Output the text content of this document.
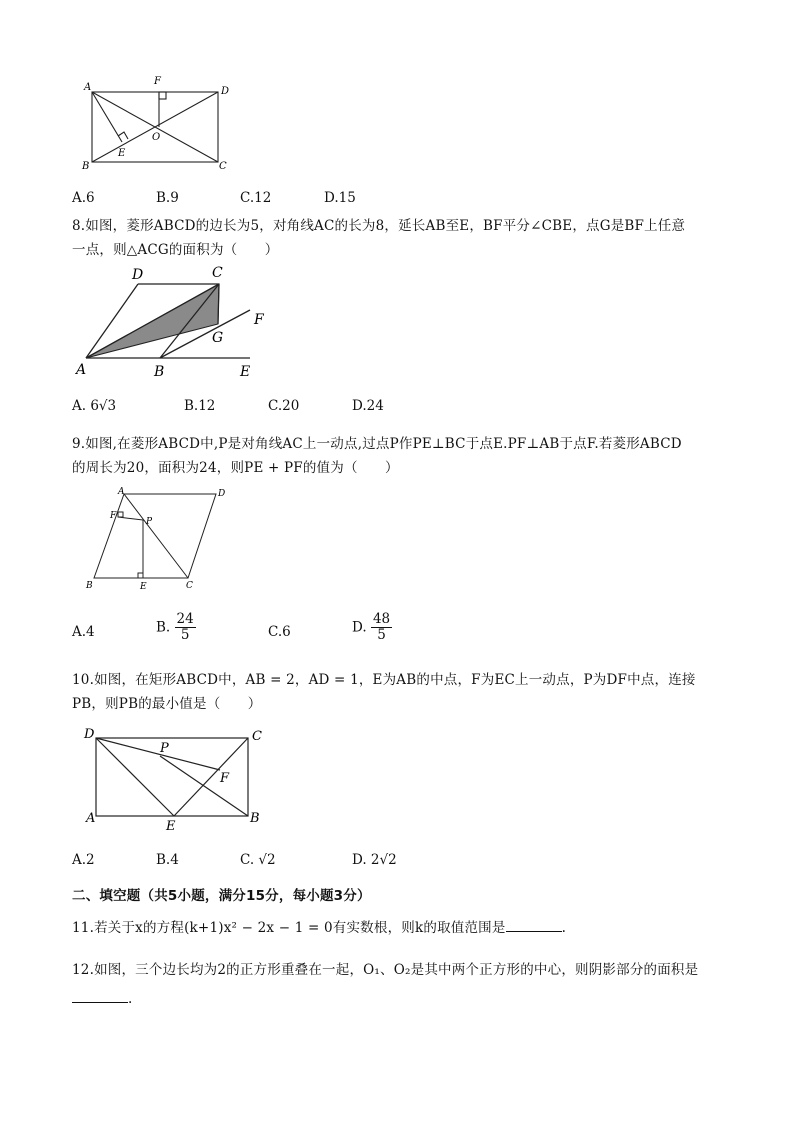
A
F
D
O
E
B	C
A.6	B.9	C.12	D.15
8.如图，菱形ABCD的边长为5，对角线AC的长为8，延长AB至E，BF平分∠CBE，点G是BF上任意
一点，则△ACG的面积为（　　）
D	C
F
G
A	B	E
A. 6√3	B.12	C.20	D.24
9.如图,在菱形ABCD中,P是对角线AC上一动点,过点P作PE⊥BC于点E.PF⊥AB于点F.若菱形ABCD
的周长为20，面积为24，则PE + PF的值为（　　）
A	D
F
P
B	E	C
A.4	B. $\frac{24}{5}$	C.6	D. $\frac{48}{5}$
10.如图，在矩形ABCD中，AB = 2，AD = 1，E为AB的中点，F为EC上一动点，P为DF中点，连接
PB，则PB的最小值是（　　）
D	C
P
F
A
E
B
A.2	B.4	C. √2	D. 2√2
二、填空题（共5小题，满分15分，每小题3分）
11.若关于x的方程(k+1)x² − 2x − 1 = 0有实数根，则k的取值范围是	.
12.如图，三个边长均为2的正方形重叠在一起，O₁、O₂是其中两个正方形的中心，则阴影部分的面积是
.
